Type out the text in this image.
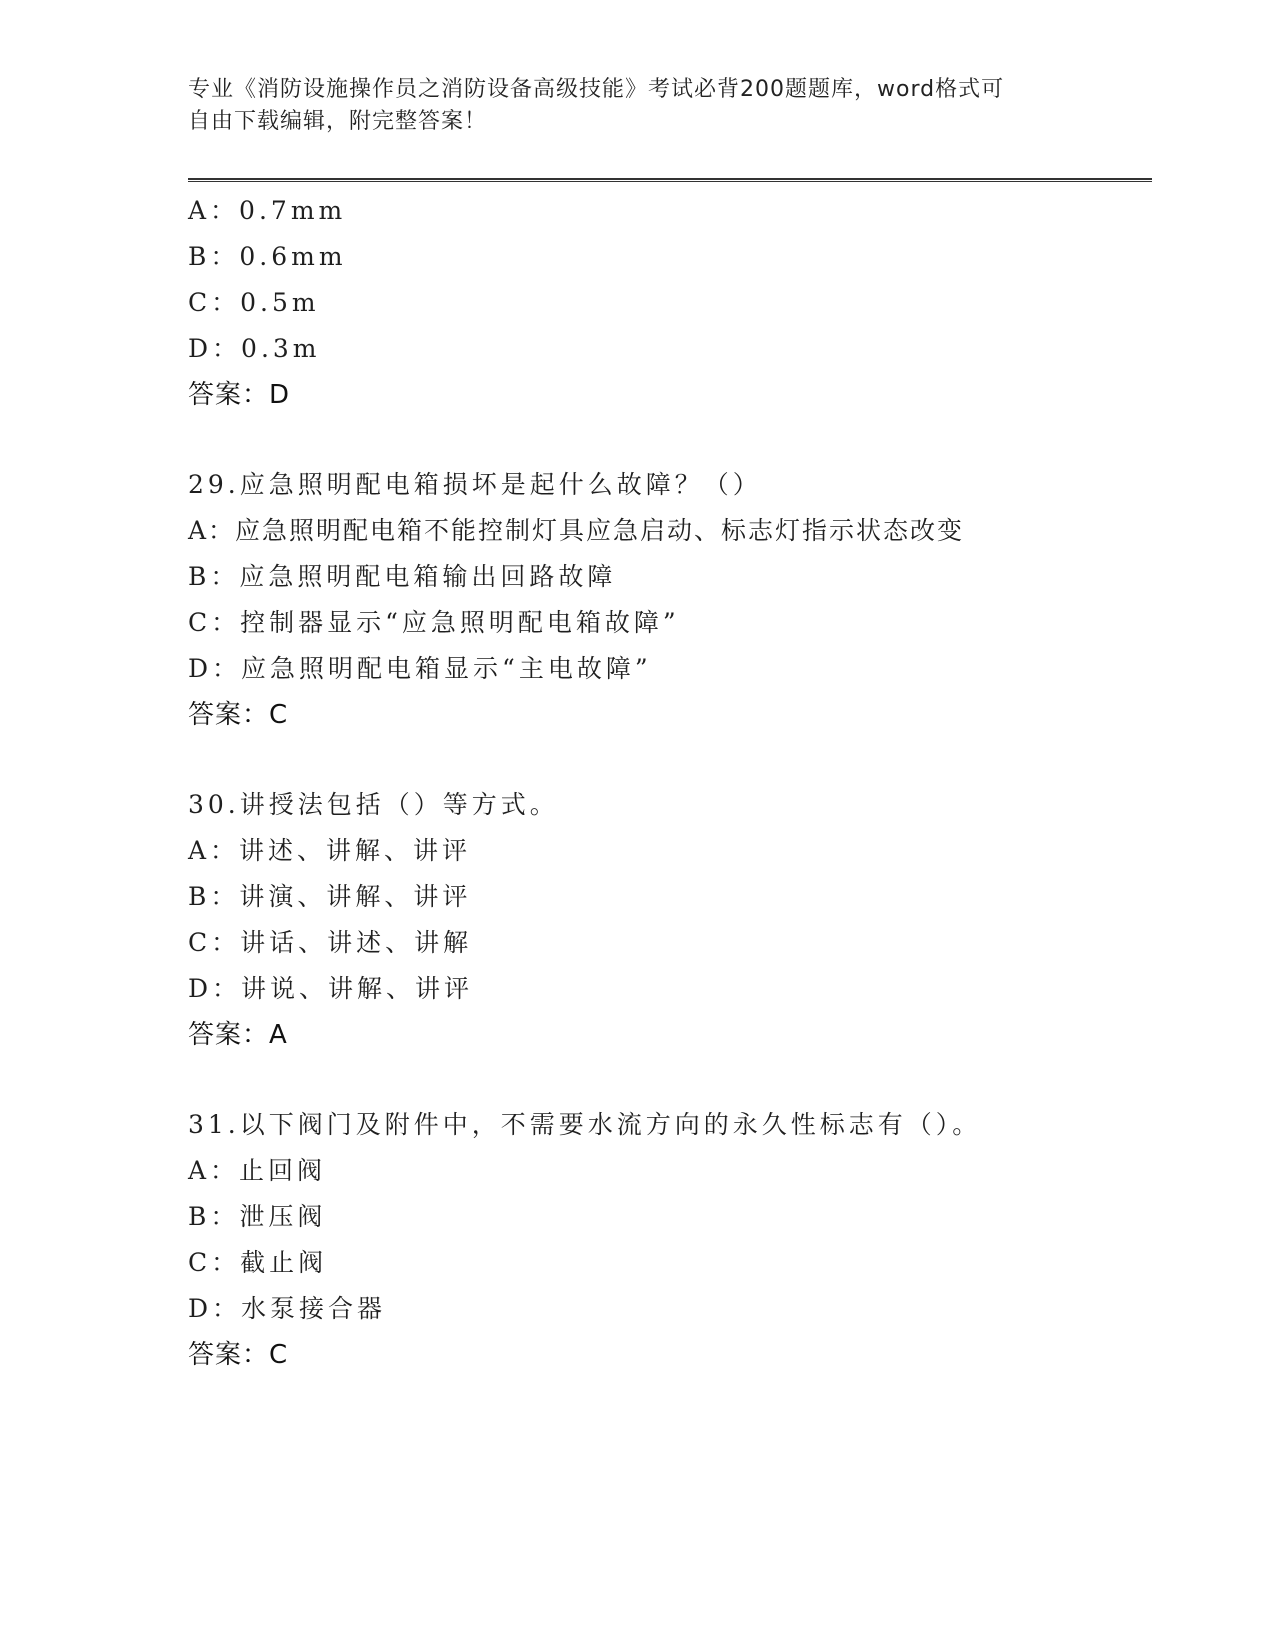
专业《消防设施操作员之消防设备高级技能》考试必背200题题库，word格式可
自由下载编辑，附完整答案！
A：0.7mm
B：0.6mm
C：0.5m
D：0.3m
答案：D
29.应急照明配电箱损坏是起什么故障？（）
A：应急照明配电箱不能控制灯具应急启动、标志灯指示状态改变
B：应急照明配电箱输出回路故障
C：控制器显示“应急照明配电箱故障”
D：应急照明配电箱显示“主电故障”
答案：C
30.讲授法包括（）等方式。
A：讲述、讲解、讲评
B：讲演、讲解、讲评
C：讲话、讲述、讲解
D：讲说、讲解、讲评
答案：A
31.以下阀门及附件中，不需要水流方向的永久性标志有（）。
A：止回阀
B：泄压阀
C：截止阀
D：水泵接合器
答案：C
